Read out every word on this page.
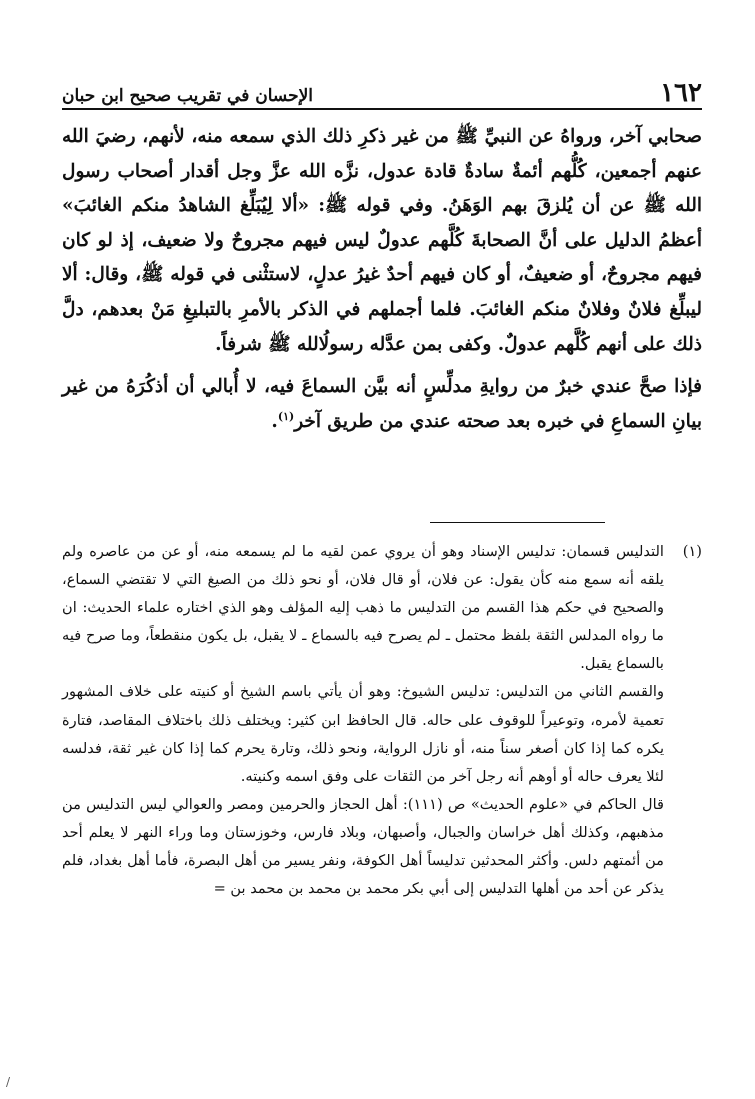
١٦٢
الإحسان في تقريب صحيح ابن حبان

صحابي آخر، ورواهُ عن النبيِّ ﷺ من غير ذكرِ ذلك الذي سمعه منه، لأنهم، رضيَ الله عنهم أجمعين، كُلُّهم أئمةٌ سادةٌ قادة عدول، نزَّه الله عزَّ وجل أقدار أصحاب رسول الله ﷺ عن أن يُلزقَ بهم الوَهَنُ. وفي قوله ﷺ: «ألا لِيُبَلِّغ الشاهدُ منكم الغائبَ» أعظمُ الدليل على أنَّ الصحابةَ كُلَّهم عدولٌ ليس فيهم مجروحٌ ولا ضعيف، إذ لو كان فيهم مجروحٌ، أو ضعيفٌ، أو كان فيهم أحدٌ غيرُ عدلٍ، لاستثْنى في قوله ﷺ، وقال: ألا ليبلِّغ فلانٌ وفلانٌ منكم الغائبَ. فلما أجملهم في الذكر بالأمرِ بالتبليغِ مَنْ بعدهم، دلَّ ذلك على أنهم كُلَّهم عدولٌ. وكفى بمن عدَّله رسولُالله ﷺ شرفاً.

فإذا صحَّ عندي خبرٌ من روايةِ مدلِّسٍ أنه بيَّن السماعَ فيه، لا أُبالي أن أذكُرَهُ من غير بيانِ السماعِ في خبره بعد صحته عندي من طريق آخر$^{(١)}$.

(١)
التدليس قسمان: تدليس الإسناد وهو أن يروي عمن لقيه ما لم يسمعه منه، أو عن من عاصره ولم يلقه أنه سمع منه كأن يقول: عن فلان، أو قال فلان، أو نحو ذلك من الصيغ التي لا تقتضي السماع، والصحيح في حكم هذا القسم من التدليس ما ذهب إليه المؤلف وهو الذي اختاره علماء الحديث: ان ما رواه المدلس الثقة بلفظ محتمل ـ لم يصرح فيه بالسماع ـ لا يقبل، بل يكون منقطعاً، وما صرح فيه بالسماع يقبل.

والقسم الثاني من التدليس: تدليس الشيوخ: وهو أن يأتي باسم الشيخ أو كنيته على خلاف المشهور تعمية لأمره، وتوعيراً للوقوف على حاله. قال الحافظ ابن كثير: ويختلف ذلك باختلاف المقاصد، فتارة يكره كما إذا كان أصغر سناً منه، أو نازل الرواية، ونحو ذلك، وتارة يحرم كما إذا كان غير ثقة، فدلسه لئلا يعرف حاله أو أوهم أنه رجل آخر من الثقات على وفق اسمه وكنيته.

قال الحاكم في «علوم الحديث» ص (١١١): أهل الحجاز والحرمين ومصر والعوالي ليس التدليس من مذهبهم، وكذلك أهل خراسان والجبال، وأصبهان، وبلاد فارس، وخوزستان وما وراء النهر لا يعلم أحد من أئمتهم دلس. وأكثر المحدثين تدليساً أهل الكوفة، ونفر يسير من أهل البصرة، فأما أهل بغداد، فلم يذكر عن أحد من أهلها التدليس إلى أبي بكر محمد بن محمد بن محمد بن =

/
